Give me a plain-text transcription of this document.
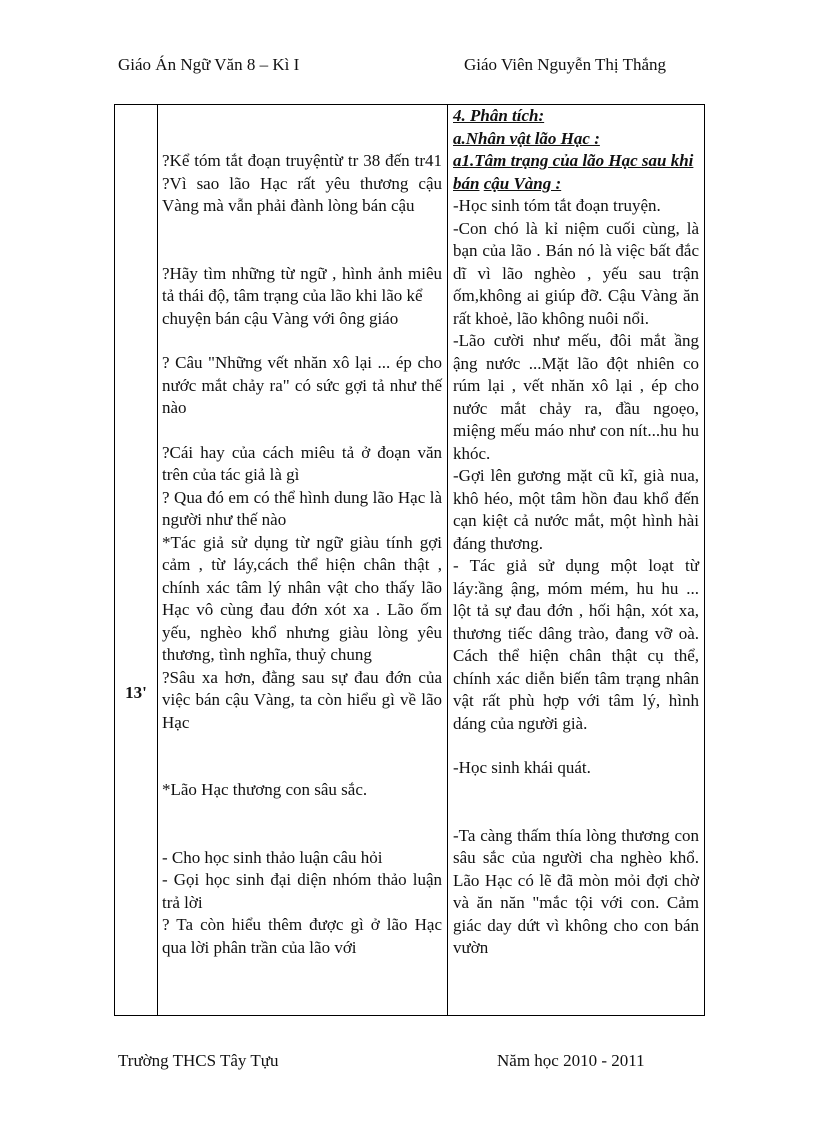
Giáo Án Ngữ Văn 8 – Kì I	Giáo Viên Nguyễn Thị Thắng
13'

?Kể tóm tắt đoạn truyệntừ tr 38 đến tr41 ?Vì sao lão Hạc rất yêu thương cậu Vàng mà vẫn phải đành lòng bán cậu

?Hãy tìm những từ ngữ , hình ảnh miêu tả thái độ, tâm trạng của lão khi lão kể

chuyện bán cậu Vàng với ông giáo

? Câu "Những vết nhăn xô lại ... ép cho nước mắt chảy ra" có sức gợi tả như thế nào

?Cái hay của cách miêu tả ở đoạn văn trên của tác giả là gì

? Qua đó em có thể hình dung lão Hạc là người như thế nào

*Tác giả sử dụng từ ngữ giàu tính gợi cảm , từ láy,cách thể hiện chân thật , chính xác tâm lý nhân vật cho thấy lão Hạc vô cùng đau đớn xót xa . Lão ốm yếu, nghèo khổ nhưng giàu lòng yêu thương, tình nghĩa, thuỷ chung

?Sâu xa hơn, đằng sau sự đau đớn của việc bán cậu Vàng, ta còn hiểu gì về lão Hạc

*Lão Hạc thương con sâu sắc.

- Cho học sinh thảo luận câu hỏi

- Gọi học sinh đại diện nhóm thảo luận trả lời

? Ta còn hiểu thêm được gì ở lão Hạc qua lời phân trần của lão với

4. Phân tích:

a.Nhân vật lão Hạc :

a1.Tâm trạng của lão Hạc sau khi bán cậu Vàng :

-Học sinh tóm tắt đoạn truyện.

-Con chó là kỉ niệm cuối cùng, là bạn của lão . Bán nó là việc bất đắc dĩ vì lão nghèo , yếu sau trận ốm,không ai giúp đỡ. Cậu Vàng ăn rất khoẻ, lão không nuôi nổi.

-Lão cười như mếu, đôi mắt ầng ậng nước ...Mặt lão đột nhiên co rúm lại , vết nhăn xô lại , ép cho nước mắt chảy ra, đầu ngoẹo, miệng mếu máo như con nít...hu hu khóc.

-Gợi lên gương mặt cũ kĩ, già nua, khô héo, một tâm hồn đau khổ đến cạn kiệt cả nước mắt, một hình hài đáng thương.

- Tác giả sử dụng một loạt từ láy:ầng ậng, móm mém, hu hu ... lột tả sự đau đớn , hối hận, xót xa, thương tiếc dâng trào, đang vỡ oà. Cách thể hiện chân thật cụ thể, chính xác diễn biến tâm trạng nhân vật rất phù hợp với tâm lý, hình dáng của người già.

-Học sinh khái quát.

-Ta càng thấm thía lòng thương con sâu sắc của người cha nghèo khổ. Lão Hạc có lẽ đã mòn mỏi đợi chờ và ăn năn "mắc tội với con. Cảm giác day dứt vì không cho con bán vườn

Trường THCS Tây Tựu	Năm học 2010 - 2011
